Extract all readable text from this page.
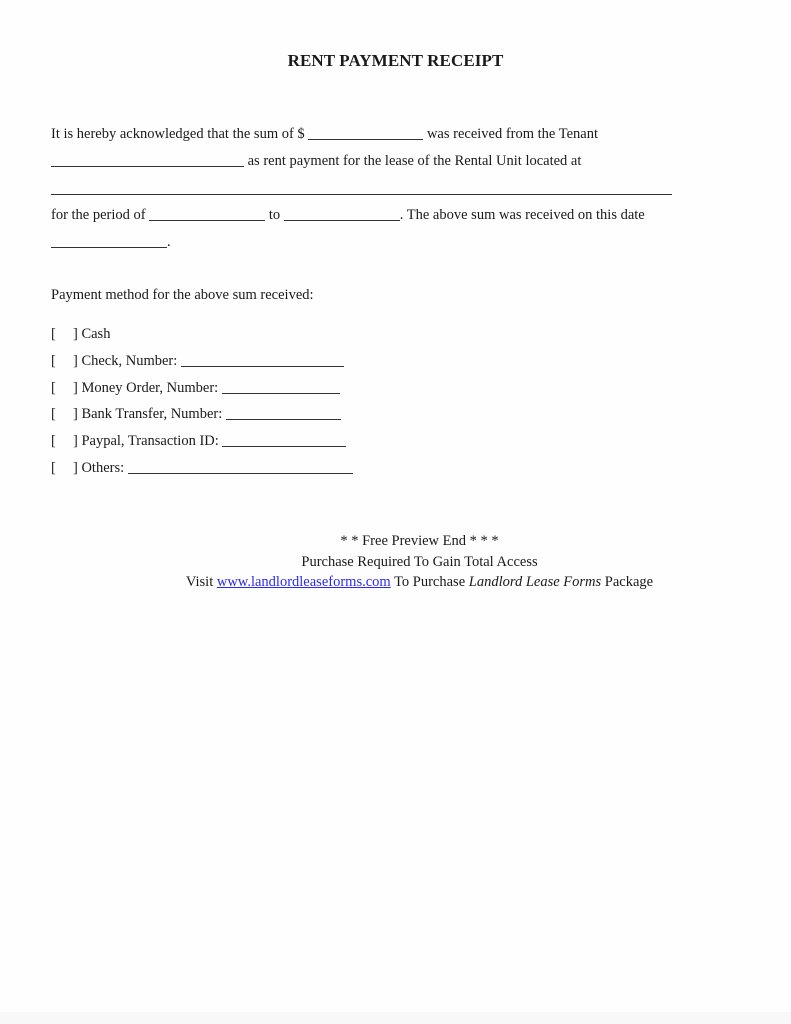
RENT PAYMENT RECEIPT
It is hereby acknowledged that the sum of $	was received from the Tenant
as rent payment for the lease of the Rental Unit located at
for the period of	to	. The above sum was received on this date
.
Payment method for the above sum received:
[ ] Cash
[ ] Check, Number:
[ ] Money Order, Number:
[ ] Bank Transfer, Number:
[ ] Paypal, Transaction ID:
[ ] Others:
* * Free Preview End * * *
Purchase Required To Gain Total Access
Visit www.landlordleaseforms.com To Purchase Landlord Lease Forms Package
